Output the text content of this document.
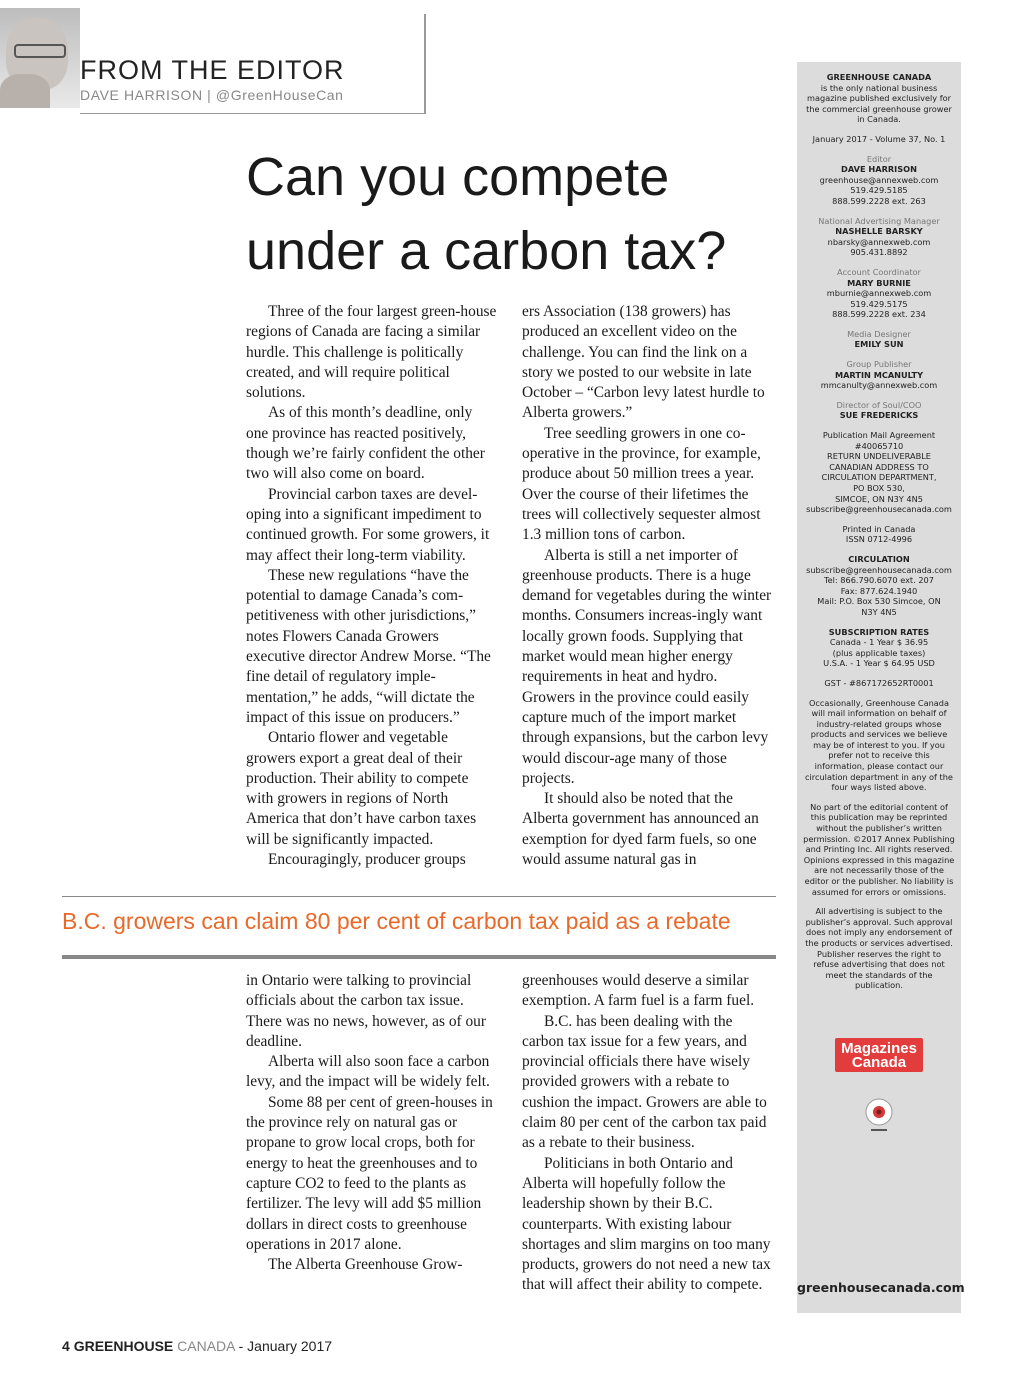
FROM THE EDITOR
DAVE HARRISON | @GreenHouseCan
Can you compete
under a carbon tax?

Three of the four largest green-house regions of Canada are facing a similar hurdle. This challenge is politically created, and will require political solutions.

As of this month’s deadline, only one province has reacted positively, though we’re fairly confident the other two will also come on board.

Provincial carbon taxes are devel-oping into a significant impediment to continued growth. For some growers, it may affect their long-term viability.

These new regulations “have the potential to damage Canada’s com-petitiveness with other jurisdictions,” notes Flowers Canada Growers executive director Andrew Morse. “The fine detail of regulatory imple-mentation,” he adds, “will dictate the impact of this issue on producers.”

Ontario flower and vegetable growers export a great deal of their production. Their ability to compete with growers in regions of North America that don’t have carbon taxes will be significantly impacted.

Encouragingly, producer groups

ers Association (138 growers) has produced an excellent video on the challenge. You can find the link on a story we posted to our website in late October – “Carbon levy latest hurdle to Alberta growers.”

Tree seedling growers in one co-operative in the province, for example, produce about 50 million trees a year. Over the course of their lifetimes the trees will collectively sequester almost 1.3 million tons of carbon.

Alberta is still a net importer of greenhouse products. There is a huge demand for vegetables during the winter months. Consumers increas-ingly want locally grown foods. Supplying that market would mean higher energy requirements in heat and hydro. Growers in the province could easily capture much of the import market through expansions, but the carbon levy would discour-age many of those projects.

It should also be noted that the Alberta government has announced an exemption for dyed farm fuels, so one would assume natural gas in

B.C. growers can claim 80 per cent of carbon tax paid as a rebate

in Ontario were talking to provincial officials about the carbon tax issue. There was no news, however, as of our deadline.

Alberta will also soon face a carbon levy, and the impact will be widely felt.

Some 88 per cent of green-houses in the province rely on natural gas or propane to grow local crops, both for energy to heat the greenhouses and to capture CO2 to feed to the plants as fertilizer. The levy will add $5 million dollars in direct costs to greenhouse operations in 2017 alone.

The Alberta Greenhouse Grow-

greenhouses would deserve a similar exemption. A farm fuel is a farm fuel.

B.C. has been dealing with the carbon tax issue for a few years, and provincial officials there have wisely provided growers with a rebate to cushion the impact. Growers are able to claim 80 per cent of the carbon tax paid as a rebate to their business.

Politicians in both Ontario and Alberta will hopefully follow the leadership shown by their B.C. counterparts. With existing labour shortages and slim margins on too many products, growers do not need a new tax that will affect their ability to compete.

4 GREENHOUSE CANADA - January 2017
GREENHOUSE CANADA
is the only national business magazine published exclusively for the commercial greenhouse grower in Canada.
January 2017 - Volume 37, No. 1
Editor
DAVE HARRISON
greenhouse@annexweb.com
519.429.5185
888.599.2228 ext. 263
National Advertising Manager
NASHELLE BARSKY
nbarsky@annexweb.com
905.431.8892
Account Coordinator
MARY BURNIE
mburnie@annexweb.com
519.429.5175
888.599.2228 ext. 234
Media Designer
EMILY SUN
Group Publisher
MARTIN MCANULTY
mmcanulty@annexweb.com
Director of Soul/COO
SUE FREDERICKS
Publication Mail Agreement
#40065710
RETURN UNDELIVERABLE
CANADIAN ADDRESS TO
CIRCULATION DEPARTMENT,
PO BOX 530,
SIMCOE, ON N3Y 4N5
subscribe@greenhousecanada.com
Printed in Canada
ISSN 0712-4996
CIRCULATION
subscribe@greenhousecanada.com
Tel: 866.790.6070 ext. 207
Fax: 877.624.1940
Mail: P.O. Box 530 Simcoe, ON
N3Y 4N5
SUBSCRIPTION RATES
Canada - 1 Year $ 36.95
(plus applicable taxes)
U.S.A. - 1 Year $ 64.95 USD
GST - #867172652RT0001
Occasionally, Greenhouse Canada will mail information on behalf of industry-related groups whose products and services we believe may be of interest to you. If you prefer not to receive this information, please contact our circulation department in any of the four ways listed above.
No part of the editorial content of this publication may be reprinted without the publisher’s written permission. ©2017 Annex Publishing and Printing Inc. All rights reserved. Opinions expressed in this magazine are not necessarily those of the editor or the publisher. No liability is assumed for errors or omissions.
All advertising is subject to the publisher’s approval. Such approval does not imply any endorsement of the products or services advertised. Publisher reserves the right to refuse advertising that does not meet the standards of the publication.
Magazines Canada
greenhousecanada.com
